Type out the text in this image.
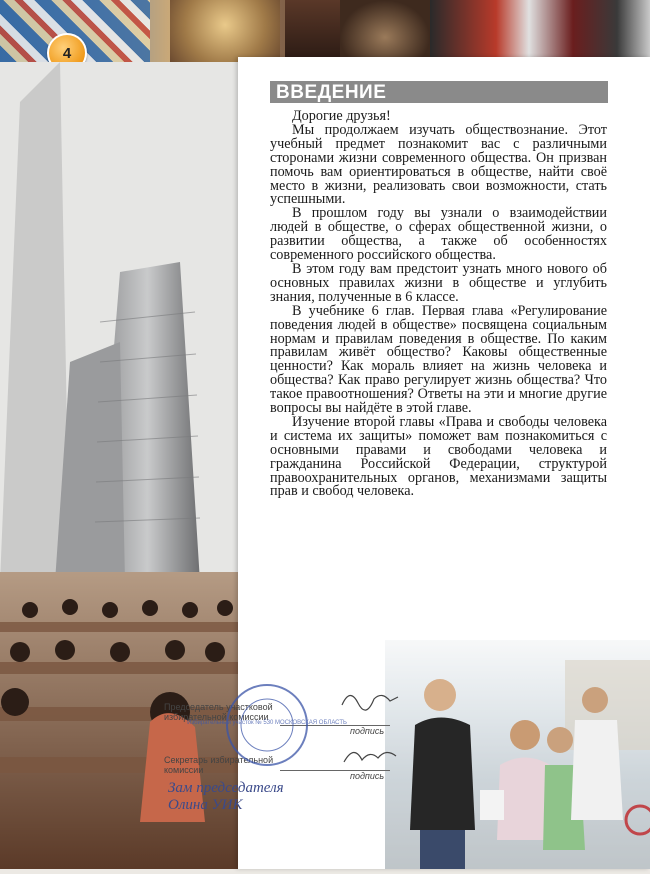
4
ВВЕДЕНИЕ

Дорогие друзья!

Мы продолжаем изучать обществознание. Этот учебный предмет познакомит вас с различными сторонами жизни современного общества. Он призван помочь вам ориентироваться в обществе, найти своё место в жизни, реализовать свои возможности, стать успешными.

В прошлом году вы узнали о взаимодействии людей в обществе, о сферах общественной жизни, о развитии общества, а также об особенностях современного российского общества.

В этом году вам предстоит узнать много нового об основных правилах жизни в обществе и углубить знания, полученные в 6 классе.

В учебнике 6 глав. Первая глава «Регулирование поведения людей в обществе» посвящена социальным нормам и правилам поведения в обществе. По каким правилам живёт общество? Каковы общественные ценности? Как мораль влияет на жизнь человека и общества? Как право регулирует жизнь общества? Что такое правоотношения? Ответы на эти и многие другие вопросы вы найдёте в этой главе.

Изучение второй главы «Права и свободы человека и система их защиты» поможет вам познакомиться с основными правами и свободами человека и гражданина Российской Федерации, структурой правоохранительных органов, механизмами защиты прав и свобод человека.

Председатель участковой избирательной комиссии
Секретарь избирательной комиссии
подпись
подпись
Зам председателя Олина УИК
Избирательный участок № 530 МОСКОВСКАЯ ОБЛАСТЬ
